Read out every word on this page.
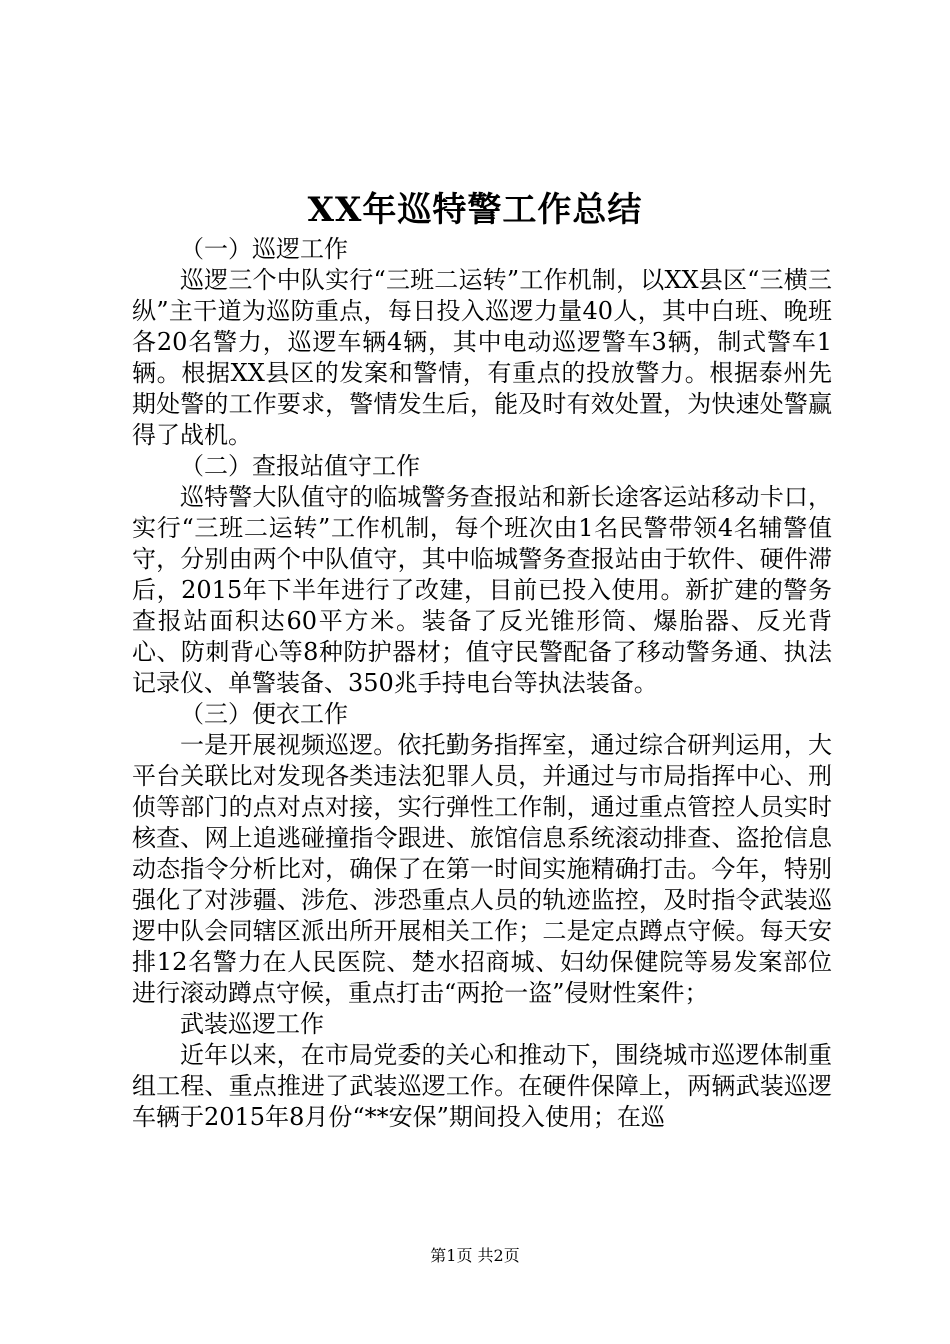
XX年巡特警工作总结

（一）巡逻工作

巡逻三个中队实行“三班二运转”工作机制，以XX县区“三横三纵”主干道为巡防重点，每日投入巡逻力量40人，其中白班、晚班各20名警力，巡逻车辆4辆，其中电动巡逻警车3辆，制式警车1辆。根据XX县区的发案和警情，有重点的投放警力。根据泰州先期处警的工作要求，警情发生后，能及时有效处置，为快速处警赢得了战机。

（二）查报站值守工作

巡特警大队值守的临城警务查报站和新长途客运站移动卡口，实行“三班二运转”工作机制，每个班次由1名民警带领4名辅警值守，分别由两个中队值守，其中临城警务查报站由于软件、硬件滞后，2015年下半年进行了改建，目前已投入使用。新扩建的警务查报站面积达60平方米。装备了反光锥形筒、爆胎器、反光背心、防刺背心等8种防护器材；值守民警配备了移动警务通、执法记录仪、单警装备、350兆手持电台等执法装备。

（三）便衣工作

一是开展视频巡逻。依托勤务指挥室，通过综合研判运用，大平台关联比对发现各类违法犯罪人员，并通过与市局指挥中心、刑侦等部门的点对点对接，实行弹性工作制，通过重点管控人员实时核查、网上追逃碰撞指令跟进、旅馆信息系统滚动排查、盗抢信息动态指令分析比对，确保了在第一时间实施精确打击。今年，特别强化了对涉疆、涉危、涉恐重点人员的轨迹监控，及时指令武装巡逻中队会同辖区派出所开展相关工作；二是定点蹲点守候。每天安排12名警力在人民医院、楚水招商城、妇幼保健院等易发案部位进行滚动蹲点守候，重点打击“两抢一盗”侵财性案件；

武装巡逻工作

近年以来，在市局党委的关心和推动下，围绕城市巡逻体制重组工程、重点推进了武装巡逻工作。在硬件保障上，两辆武装巡逻车辆于2015年8月份“**安保”期间投入使用；在巡

第1页 共2页
